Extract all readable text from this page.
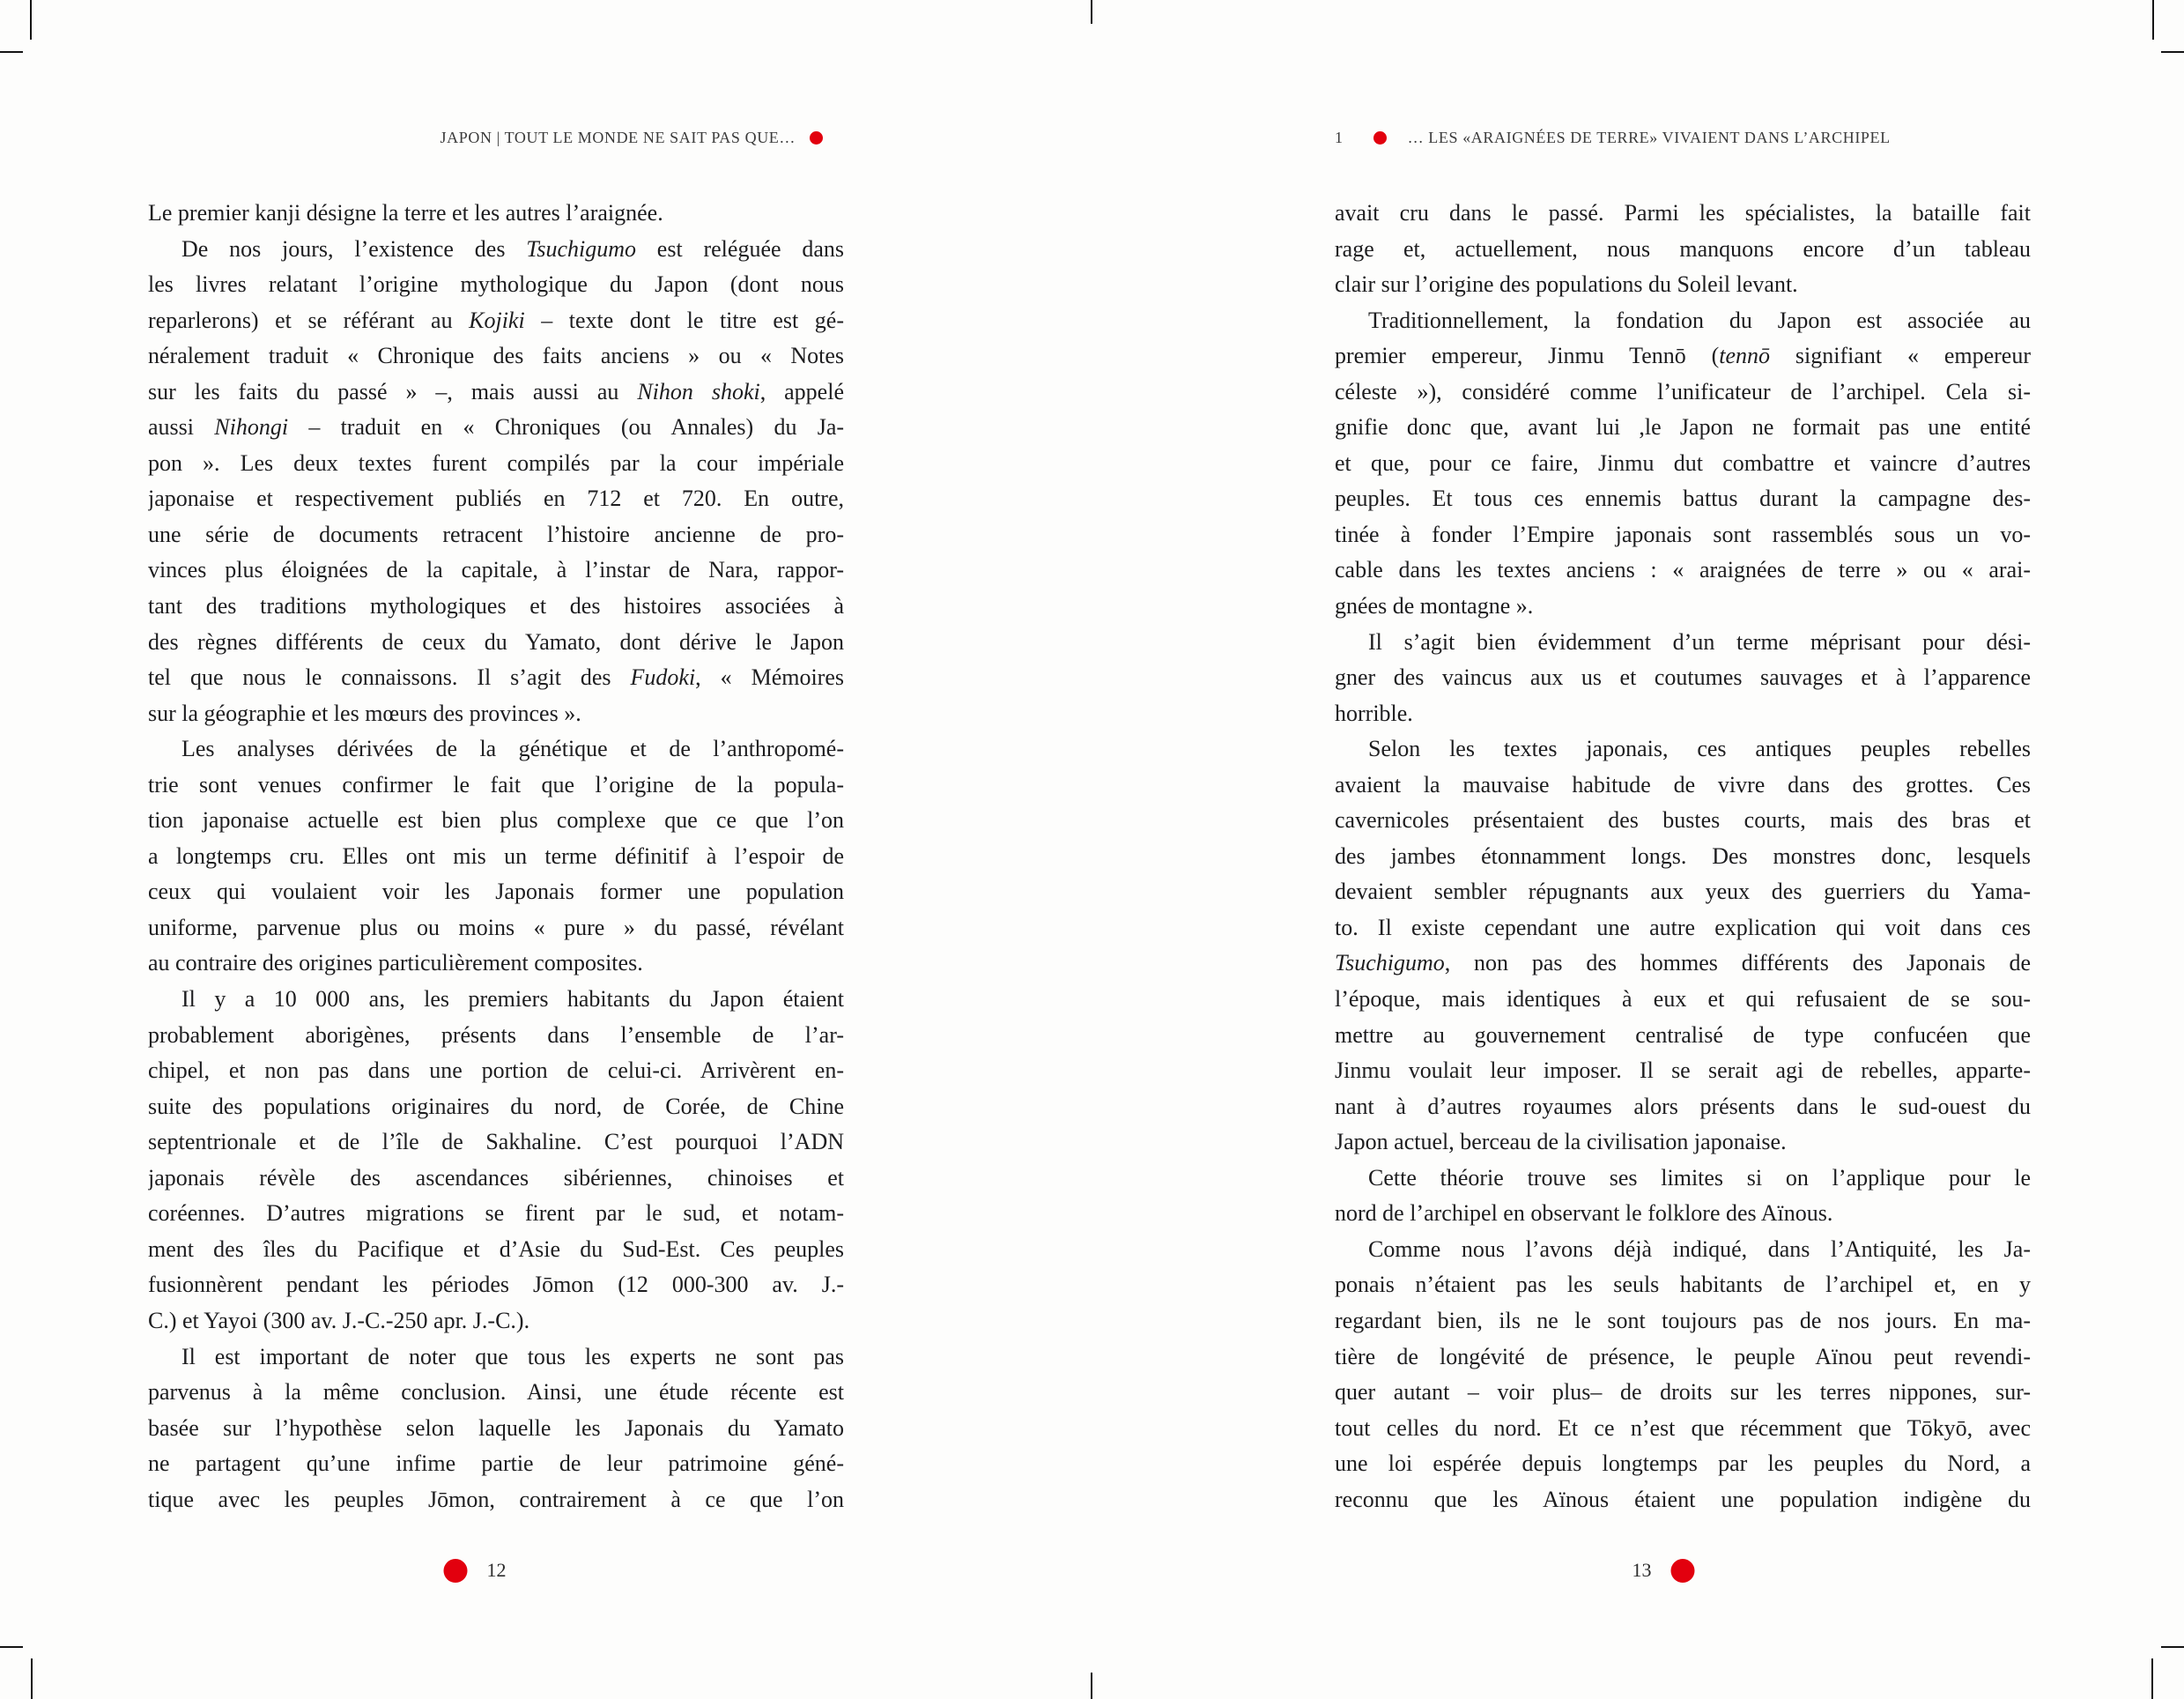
JAPON | TOUT LE MONDE NE SAIT PAS QUE…
Le premier kanji désigne la terre et les autres l’araignée.
De nos jours, l’existence des Tsuchigumo est reléguée dans
les livres relatant l’origine mythologique du Japon (dont nous
reparlerons) et se référant au Kojiki – texte dont le titre est gé-
néralement traduit « Chronique des faits anciens » ou « Notes
sur les faits du passé » –, mais aussi au Nihon shoki, appelé
aussi Nihongi – traduit en « Chroniques (ou Annales) du Ja-
pon ». Les deux textes furent compilés par la cour impériale
japonaise et respectivement publiés en 712 et 720. En outre,
une série de documents retracent l’histoire ancienne de pro-
vinces plus éloignées de la capitale, à l’instar de Nara, rappor-
tant des traditions mythologiques et des histoires associées à
des règnes différents de ceux du Yamato, dont dérive le Japon
tel que nous le connaissons. Il s’agit des Fudoki, « Mémoires
sur la géographie et les mœurs des provinces ».
Les analyses dérivées de la génétique et de l’anthropomé-
trie sont venues confirmer le fait que l’origine de la popula-
tion japonaise actuelle est bien plus complexe que ce que l’on
a longtemps cru. Elles ont mis un terme définitif à l’espoir de
ceux qui voulaient voir les Japonais former une population
uniforme, parvenue plus ou moins « pure » du passé, révélant
au contraire des origines particulièrement composites.
Il y a 10 000 ans, les premiers habitants du Japon étaient
probablement aborigènes, présents dans l’ensemble de l’ar-
chipel, et non pas dans une portion de celui-ci. Arrivèrent en-
suite des populations originaires du nord, de Corée, de Chine
septentrionale et de l’île de Sakhaline. C’est pourquoi l’ADN
japonais révèle des ascendances sibériennes, chinoises et
coréennes. D’autres migrations se firent par le sud, et notam-
ment des îles du Pacifique et d’Asie du Sud-Est. Ces peuples
fusionnèrent pendant les périodes Jōmon (12 000-300 av. J.-
C.) et Yayoi (300 av. J.-C.-250 apr. J.-C.).
Il est important de noter que tous les experts ne sont pas
parvenus à la même conclusion. Ainsi, une étude récente est
basée sur l’hypothèse selon laquelle les Japonais du Yamato
ne partagent qu’une infime partie de leur patrimoine géné-
tique avec les peuples Jōmon, contrairement à ce que l’on
12
1	… LES «ARAIGNÉES DE TERRE» VIVAIENT DANS L’ARCHIPEL
avait cru dans le passé. Parmi les spécialistes, la bataille fait
rage et, actuellement, nous manquons encore d’un tableau
clair sur l’origine des populations du Soleil levant.
Traditionnellement, la fondation du Japon est associée au
premier empereur, Jinmu Tennō (tennō signifiant « empereur
céleste »), considéré comme l’unificateur de l’archipel. Cela si-
gnifie donc que, avant lui ,le Japon ne formait pas une entité
et que, pour ce faire, Jinmu dut combattre et vaincre d’autres
peuples. Et tous ces ennemis battus durant la campagne des-
tinée à fonder l’Empire japonais sont rassemblés sous un vo-
cable dans les textes anciens : « araignées de terre » ou « arai-
gnées de montagne ».
Il s’agit bien évidemment d’un terme méprisant pour dési-
gner des vaincus aux us et coutumes sauvages et à l’apparence
horrible.
Selon les textes japonais, ces antiques peuples rebelles
avaient la mauvaise habitude de vivre dans des grottes. Ces
cavernicoles présentaient des bustes courts, mais des bras et
des jambes étonnamment longs. Des monstres donc, lesquels
devaient sembler répugnants aux yeux des guerriers du Yama-
to. Il existe cependant une autre explication qui voit dans ces
Tsuchigumo, non pas des hommes différents des Japonais de
l’époque, mais identiques à eux et qui refusaient de se sou-
mettre au gouvernement centralisé de type confucéen que
Jinmu voulait leur imposer. Il se serait agi de rebelles, apparte-
nant à d’autres royaumes alors présents dans le sud-ouest du
Japon actuel, berceau de la civilisation japonaise.
Cette théorie trouve ses limites si on l’applique pour le
nord de l’archipel en observant le folklore des Aïnous.
Comme nous l’avons déjà indiqué, dans l’Antiquité, les Ja-
ponais n’étaient pas les seuls habitants de l’archipel et, en y
regardant bien, ils ne le sont toujours pas de nos jours. En ma-
tière de longévité de présence, le peuple Aïnou peut revendi-
quer autant – voir plus– de droits sur les terres nippones, sur-
tout celles du nord. Et ce n’est que récemment que Tōkyō, avec
une loi espérée depuis longtemps par les peuples du Nord, a
reconnu que les Aïnous étaient une population indigène du
13
